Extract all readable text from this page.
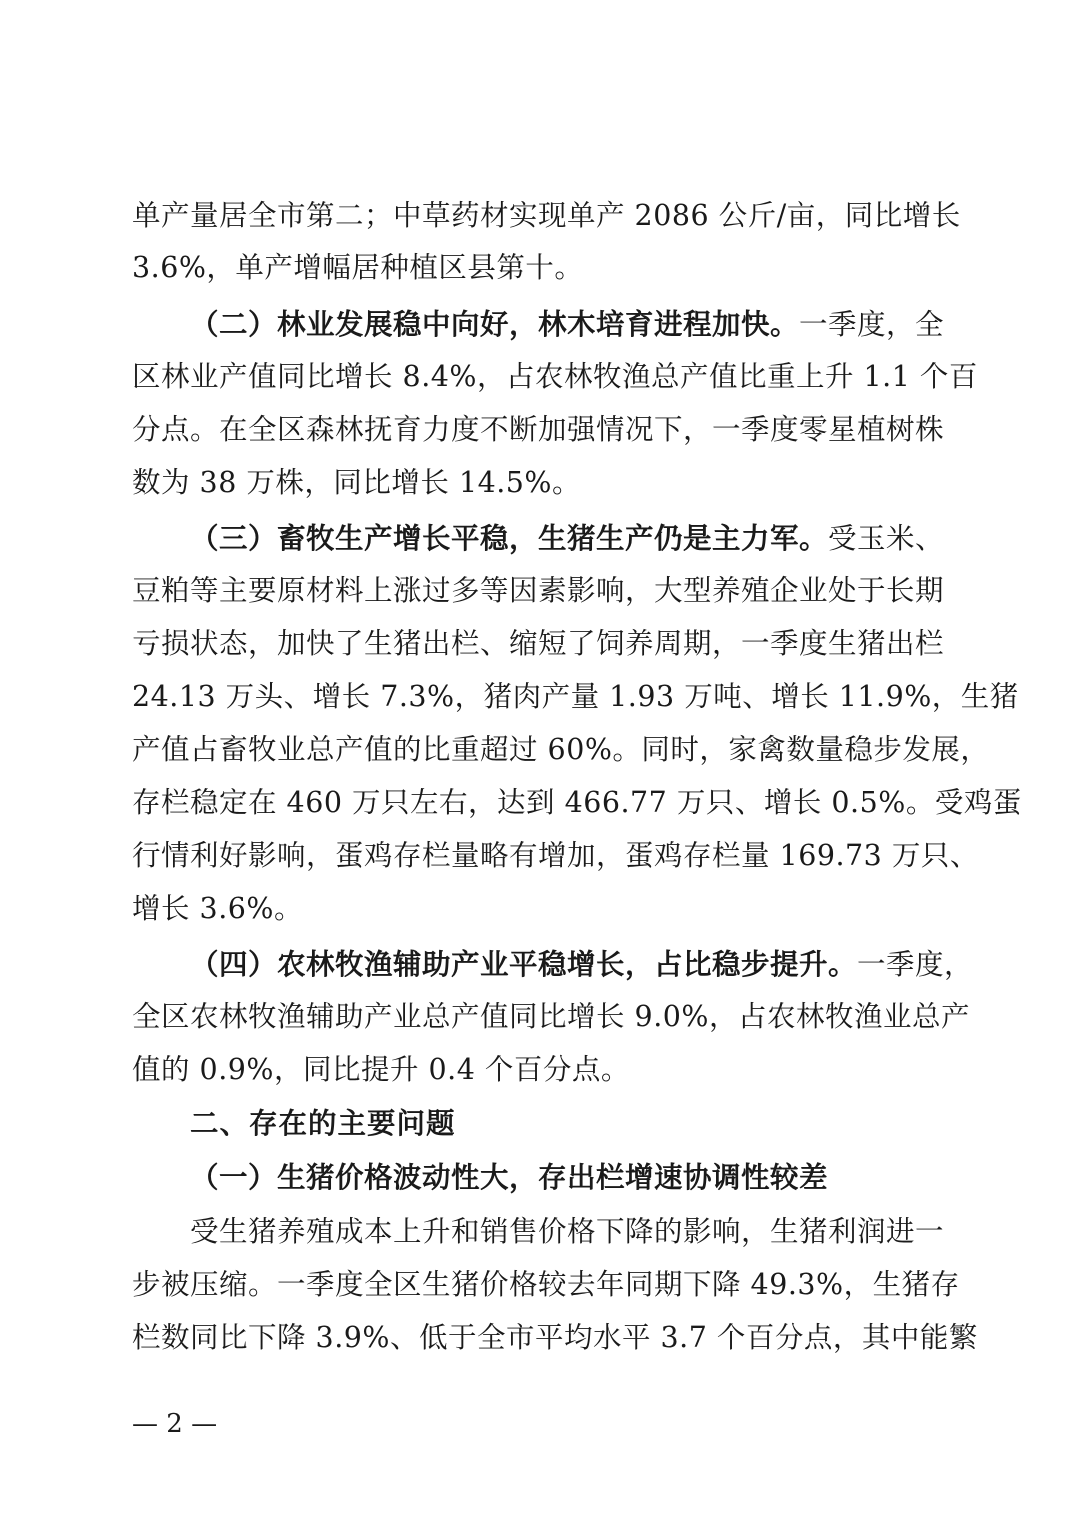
单产量居全市第二；中草药材实现单产 2086 公斤/亩，同比增长
3.6%，单产增幅居种植区县第十。
（二）林业发展稳中向好，林木培育进程加快。一季度，全
区林业产值同比增长 8.4%，占农林牧渔总产值比重上升 1.1 个百
分点。在全区森林抚育力度不断加强情况下，一季度零星植树株
数为 38 万株，同比增长 14.5%。
（三）畜牧生产增长平稳，生猪生产仍是主力军。受玉米、
豆粕等主要原材料上涨过多等因素影响，大型养殖企业处于长期
亏损状态，加快了生猪出栏、缩短了饲养周期，一季度生猪出栏
24.13 万头、增长 7.3%，猪肉产量 1.93 万吨、增长 11.9%，生猪
产值占畜牧业总产值的比重超过 60%。同时，家禽数量稳步发展，
存栏稳定在 460 万只左右，达到 466.77 万只、增长 0.5%。受鸡蛋
行情利好影响，蛋鸡存栏量略有增加，蛋鸡存栏量 169.73 万只、
增长 3.6%。
（四）农林牧渔辅助产业平稳增长，占比稳步提升。一季度，
全区农林牧渔辅助产业总产值同比增长 9.0%，占农林牧渔业总产
值的 0.9%，同比提升 0.4 个百分点。
二、存在的主要问题
（一）生猪价格波动性大，存出栏增速协调性较差
受生猪养殖成本上升和销售价格下降的影响，生猪利润进一
步被压缩。一季度全区生猪价格较去年同期下降 49.3%，生猪存
栏数同比下降 3.9%、低于全市平均水平 3.7 个百分点，其中能繁
— 2 —
